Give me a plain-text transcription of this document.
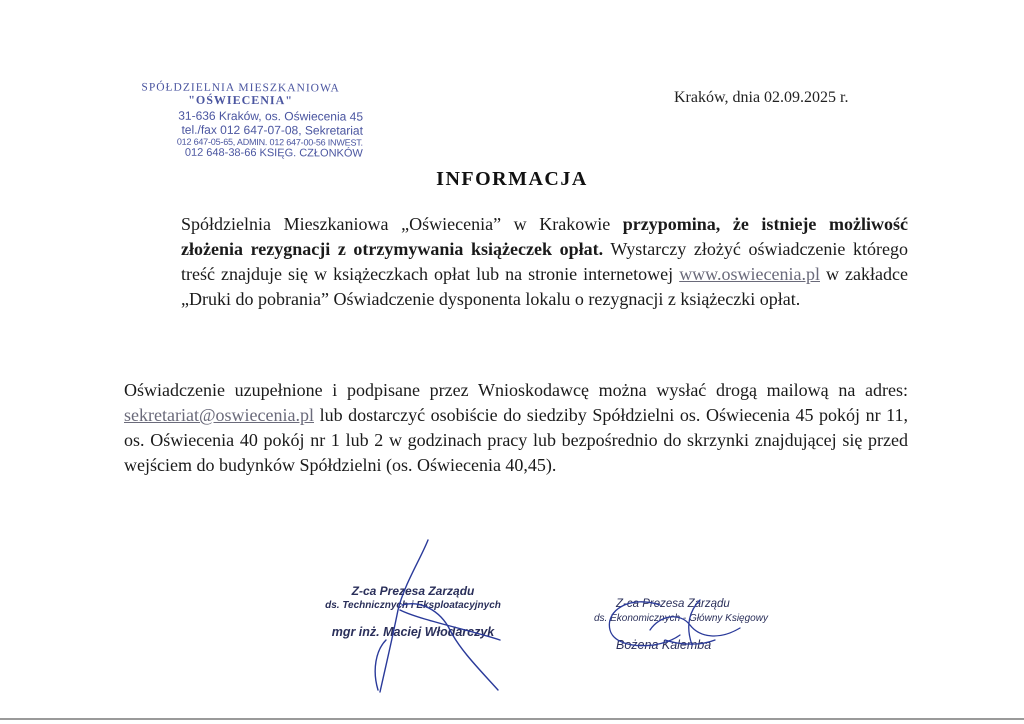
SPÓŁDZIELNIA MIESZKANIOWA
"OŚWIECENIA"
31-636 Kraków, os. Oświecenia 45
tel./fax 012 647-07-08, Sekretariat
012 647-05-65, ADMIN. 012 647-00-56 INWEST.
012 648-38-66 KSIĘG. CZŁONKÓW
Kraków, dnia 02.09.2025 r.
INFORMACJA
Spółdzielnia Mieszkaniowa „Oświecenia” w Krakowie przypomina, że istnieje możliwość złożenia rezygnacji z otrzymywania książeczek opłat. Wystarczy złożyć oświadczenie którego treść znajduje się w książeczkach opłat lub na stronie internetowej www.oswiecenia.pl w zakładce „Druki do pobrania” Oświadczenie dysponenta lokalu o rezygnacji z książeczki opłat.
Oświadczenie uzupełnione i podpisane przez Wnioskodawcę można wysłać drogą mailową na adres: sekretariat@oswiecenia.pl lub dostarczyć osobiście do siedziby Spółdzielni os. Oświecenia 45 pokój nr 11, os. Oświecenia 40 pokój nr 1 lub 2 w godzinach pracy lub bezpośrednio do skrzynki znajdującej się przed wejściem do budynków Spółdzielni (os. Oświecenia 40,45).
Z-ca Prezesa Zarządu
ds. Technicznych i Eksploatacyjnych
mgr inż. Maciej Włodarczyk
Z-ca Prezesa Zarządu
ds. Ekonomicznych - Główny Księgowy
Bożena Kalemba
